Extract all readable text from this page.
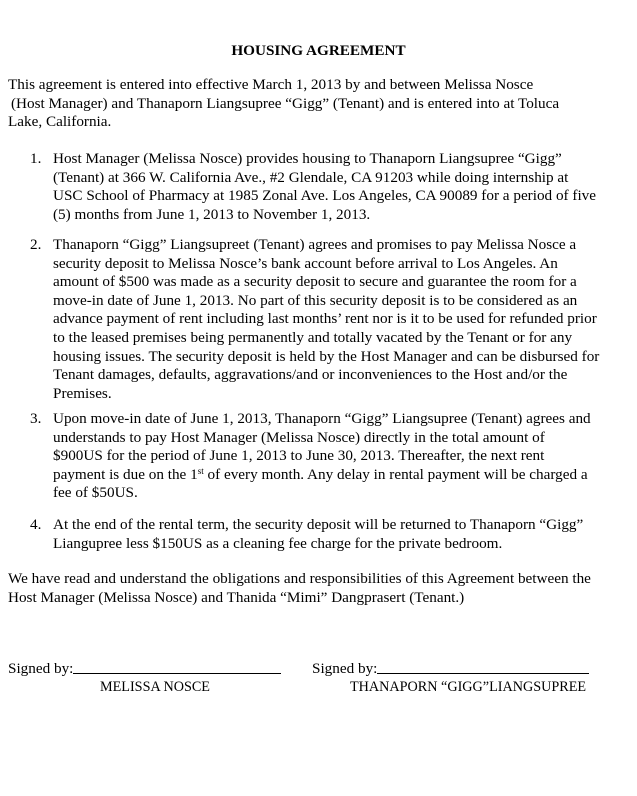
HOUSING AGREEMENT

This agreement is entered into effective March 1, 2013 by and between Melissa Nosce
(Host Manager) and Thanaporn Liangsupree “Gigg” (Tenant) and is entered into at Toluca
Lake, California.

1. Host Manager (Melissa Nosce) provides housing to Thanaporn Liangsupree “Gigg”
(Tenant) at 366 W. California Ave., #2 Glendale, CA 91203 while doing internship at
USC School of Pharmacy at 1985 Zonal Ave. Los Angeles, CA 90089 for a period of five
(5) months from June 1, 2013 to November 1, 2013.
2. Thanaporn “Gigg” Liangsupreet (Tenant) agrees and promises to pay Melissa Nosce a
security deposit to Melissa Nosce’s bank account before arrival to Los Angeles. An
amount of $500 was made as a security deposit to secure and guarantee the room for a
move-in date of June 1, 2013. No part of this security deposit is to be considered as an
advance payment of rent including last months’ rent nor is it to be used for refunded prior
to the leased premises being permanently and totally vacated by the Tenant or for any
housing issues. The security deposit is held by the Host Manager and can be disbursed for
Tenant damages, defaults, aggravations/and or inconveniences to the Host and/or the
Premises.
3. Upon move-in date of June 1, 2013, Thanaporn “Gigg” Liangsupree (Tenant) agrees and
understands to pay Host Manager (Melissa Nosce) directly in the total amount of
$900US for the period of June 1, 2013 to June 30, 2013. Thereafter, the next rent
payment is due on the 1st of every month. Any delay in rental payment will be charged a
fee of $50US.
4. At the end of the rental term, the security deposit will be returned to Thanaporn “Gigg”
Liangupree less $150US as a cleaning fee charge for the private bedroom.

We have read and understand the obligations and responsibilities of this Agreement between the
Host Manager (Melissa Nosce) and Thanida “Mimi” Dangprasert (Tenant.)

Signed by:
MELISSA NOSCE
Signed by:
THANAPORN “GIGG”LIANGSUPREE
